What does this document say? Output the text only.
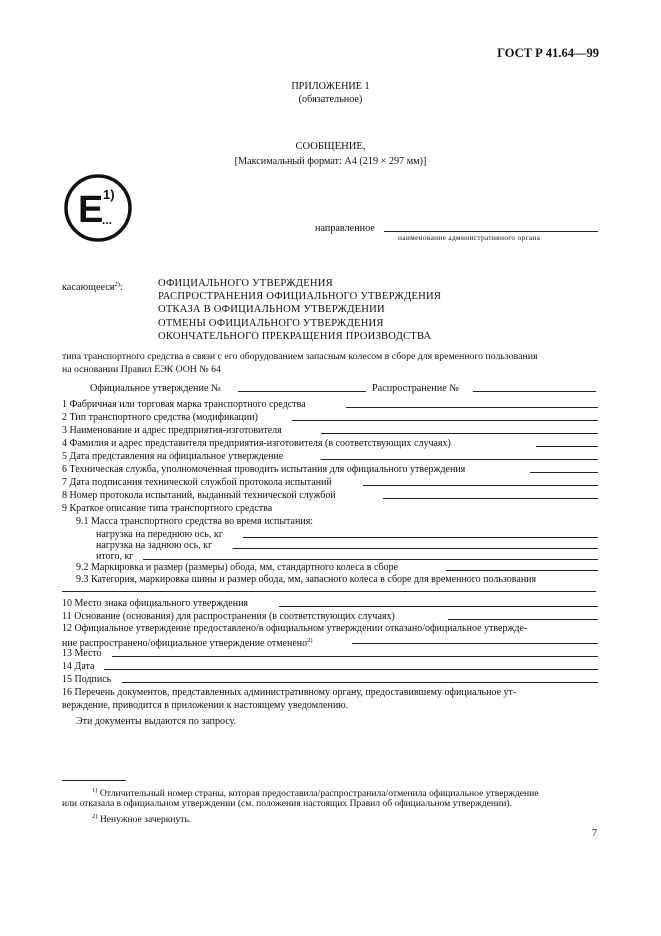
ГОСТ Р 41.64—99
ПРИЛОЖЕНИЕ 1
(обязательное)
СООБЩЕНИЕ,
[Максимальный формат: А4 (219 × 297 мм)]
E 1)
...
направленное
наименование административного органа
касающееся$^{2)}$:	ОФИЦИАЛЬНОГО УТВЕРЖДЕНИЯ
РАСПРОСТРАНЕНИЯ ОФИЦИАЛЬНОГО УТВЕРЖДЕНИЯ
ОТКАЗА В ОФИЦИАЛЬНОМ УТВЕРЖДЕНИИ
ОТМЕНЫ ОФИЦИАЛЬНОГО УТВЕРЖДЕНИЯ
ОКОНЧАТЕЛЬНОГО ПРЕКРАЩЕНИЯ ПРОИЗВОДСТВА
типа транспортного средства в связи с его оборудованием запасным колесом в сборе для временного пользования
на основании Правил ЕЭК ООН № 64
Официальное утверждение №	Распространение №
1 Фабричная или торговая марка транспортного средства
2 Тип транспортного средства (модификации)
3 Наименование и адрес предприятия-изготовителя
4 Фамилия и адрес представителя предприятия-изготовителя (в соответствующих случаях)
5 Дата представления на официальное утверждение
6 Техническая служба, уполномоченная проводить испытания для официального утверждения
7 Дата подписания технической службой протокола испытаний
8 Номер протокола испытаний, выданный технической службой
9 Краткое описание типа транспортного средства
9.1 Масса транспортного средства во время испытания:
нагрузка на переднюю ось, кг
нагрузка на заднюю ось, кг
итого, кг
9.2 Маркировка и размер (размеры) обода, мм, стандартного колеса в сборе
9.3 Категория, маркировка шины и размер обода, мм, запасного колеса в сборе для временного пользования
10 Место знака официального утверждения
11 Основание (основания) для распространения (в соответствующих случаях)
12 Официальное утверждение предоставлено/в официальном утверждении отказано/официальное утвержде-
ние распространено/официальное утверждение отменено$^{2)}$
13 Место
14 Дата
15 Подпись
16 Перечень документов, представленных административному органу, предоставившему официальное ут-
верждение, приводится в приложении к настоящему уведомлению.
Эти документы выдаются по запросу.
$^{1)}$ Отличительный номер страны, которая предоставила/распространила/отменила официальное утверждение
или отказала в официальном утверждении (см. положения настоящих Правил об официальном утверждении).
$^{2)}$ Ненужное зачеркнуть.
7
